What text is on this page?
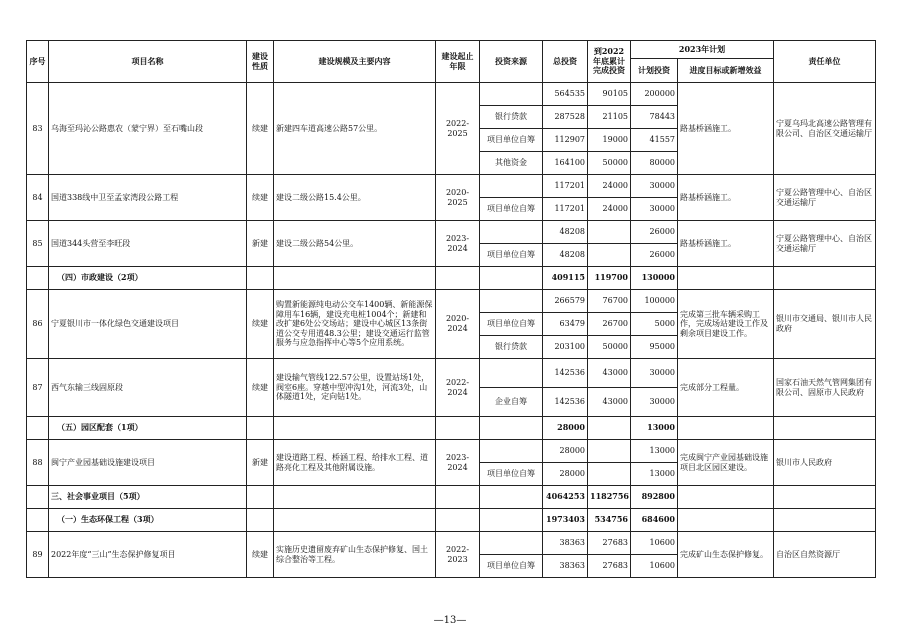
序号	项目名称	建设性质	建设规模及主要内容	建设起止年限	投资来源	总投资	到2022年底累计完成投资	2023年计划		责任单位
								计划投资	进度目标或新增效益	
83	乌海至玛沁公路惠农（蒙宁界）至石嘴山段	续建	新建四车道高速公路57公里。	2022-2025		564535	90105	200000	路基桥涵施工。	宁夏乌玛北高速公路管理有限公司、自治区交通运输厅
					银行贷款	287528	21105	78443		
					项目单位自筹	112907	19000	41557		
					其他资金	164100	50000	80000		
84	国道338线中卫至孟家湾段公路工程	续建	建设二级公路15.4公里。	2020-2025		117201	24000	30000	路基桥涵施工。	宁夏公路管理中心、自治区交通运输厅
					项目单位自筹	117201	24000	30000		
85	国道344头营至李旺段	新建	建设二级公路54公里。	2023-2024		48208		26000	路基桥涵施工。	宁夏公路管理中心、自治区交通运输厅
					项目单位自筹	48208		26000		
	（四）市政建设（2项）					409115	119700	130000		
86	宁夏银川市一体化绿色交通建设项目	续建	购置新能源纯电动公交车1400辆、新能源保障用车16辆，建设充电桩1004个；新建和改扩建6处公交场站；建设中心城区13条街道公交专用道48.3公里；建设交通运行监管服务与应急指挥中心等5个应用系统。	2020-2024		266579	76700	100000	完成第三批车辆采购工作，完成场站建设工作及剩余项目建设工作。	银川市交通局、银川市人民政府
					项目单位自筹	63479	26700	5000		
					银行贷款	203100	50000	95000		
87	西气东输三线固原段	续建	建设输气管线122.57公里，设置站场1处，阀室6座。穿越中型冲沟1处，河流3处，山体隧道1处，定向钻1处。	2022-2024		142536	43000	30000	完成部分工程量。	国家石油天然气管网集团有限公司、固原市人民政府
					企业自筹	142536	43000	30000		
	（五）园区配套（1项）					28000		13000		
88	闽宁产业园基础设施建设项目	新建	建设道路工程、桥涵工程、给排水工程、道路亮化工程及其他附属设施。	2023-2024		28000		13000	完成闽宁产业园基础设施项目北区园区建设。	银川市人民政府
					项目单位自筹	28000		13000		
	三、社会事业项目（5项）					4064253	1182756	892800		
	（一）生态环保工程（3项）					1973403	534756	684600		
89	2022年度“三山”生态保护修复项目	续建	实施历史遗留废弃矿山生态保护修复、国土综合整治等工程。	2022-2023		38363	27683	10600	完成矿山生态保护修复。	自治区自然资源厅
					项目单位自筹	38363	27683	10600		
—13—
